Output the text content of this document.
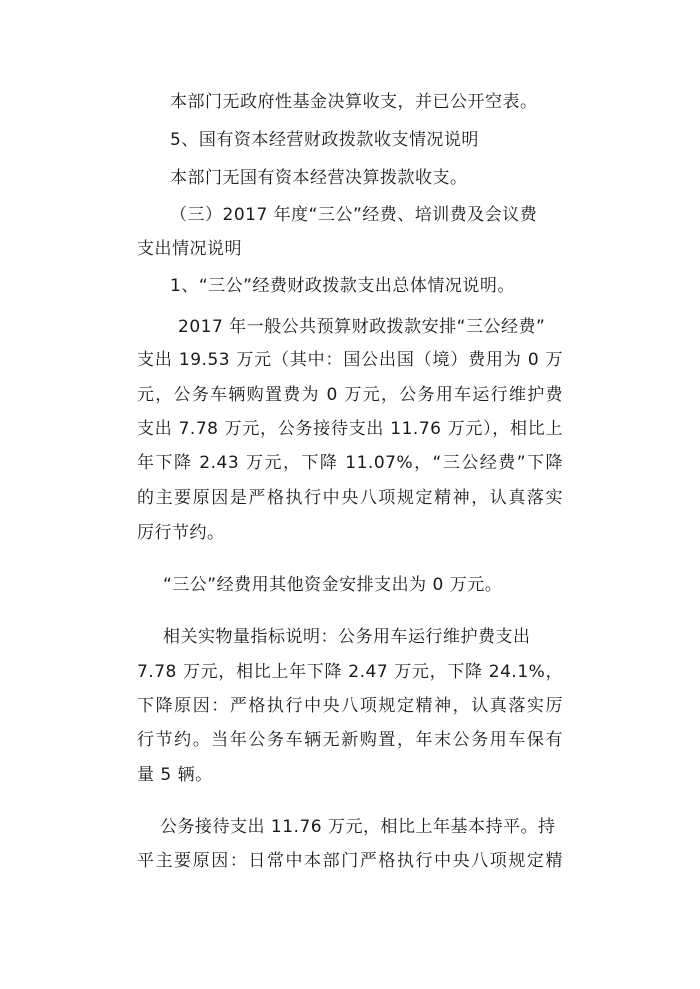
本部门无政府性基金决算收支，并已公开空表。
5、国有资本经营财政拨款收支情况说明
本部门无国有资本经营决算拨款收支。
（三）2017 年度“三公”经费、培训费及会议费
支出情况说明
1、“三公”经费财政拨款支出总体情况说明。
2017 年一般公共预算财政拨款安排“三公经费”
支出 19.53 万元（其中：国公出国（境）费用为 0 万
元，公务车辆购置费为 0 万元，公务用车运行维护费
支出 7.78 万元，公务接待支出 11.76 万元），相比上
年下降 2.43 万元，下降 11.07%，“三公经费”下降
的主要原因是严格执行中央八项规定精神，认真落实
厉行节约。
“三公”经费用其他资金安排支出为 0 万元。
相关实物量指标说明：公务用车运行维护费支出
7.78 万元，相比上年下降 2.47 万元，下降 24.1%，
下降原因：严格执行中央八项规定精神，认真落实厉
行节约。当年公务车辆无新购置，年末公务用车保有
量 5 辆。
公务接待支出 11.76 万元，相比上年基本持平。持
平主要原因：日常中本部门严格执行中央八项规定精
